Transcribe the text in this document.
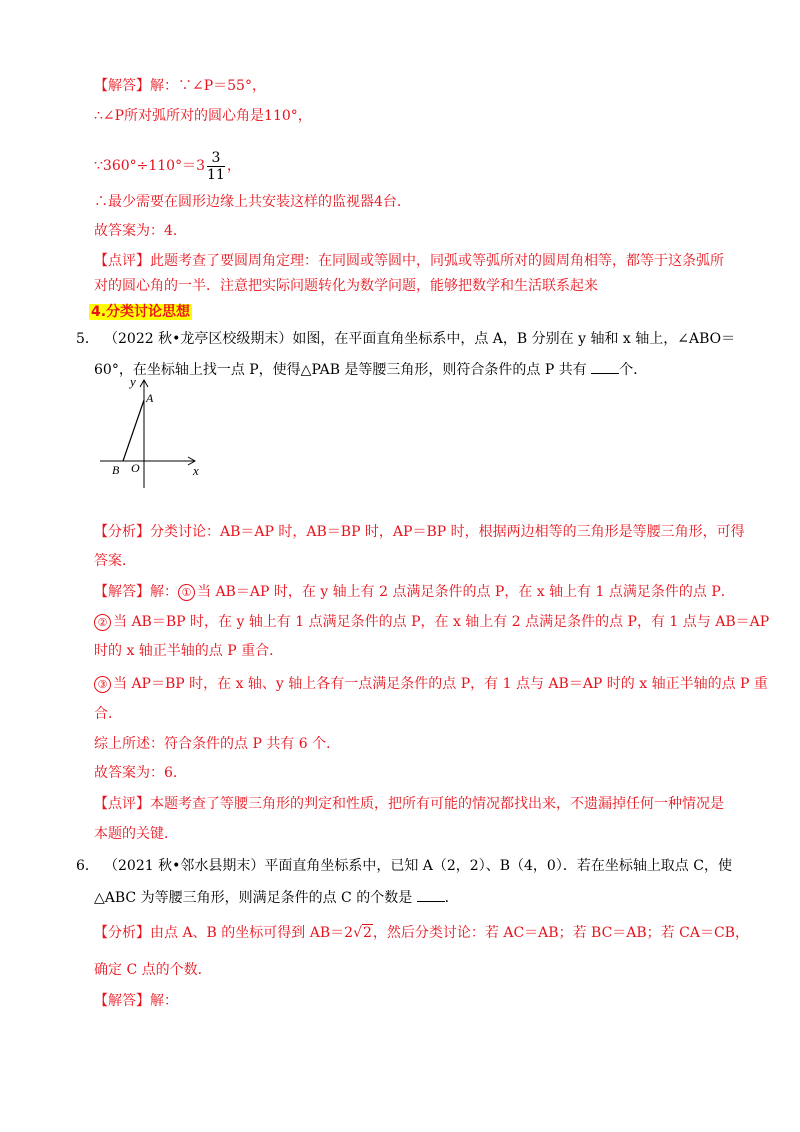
【解答】解：∵∠P＝55°，
∴∠P所对弧所对的圆心角是110°，
∵360°÷110°＝3 $\frac{3}{11}$ ，
∴最少需要在圆形边缘上共安装这样的监视器4台．
故答案为：4．
【点评】此题考查了要圆周角定理：在同圆或等圆中，同弧或等弧所对的圆周角相等，都等于这条弧所
对的圆心角的一半．注意把实际问题转化为数学问题，能够把数学和生活联系起来
4.分类讨论思想
5． （2022 秋•龙亭区校级期末）如图，在平面直角坐标系中，点 A，B 分别在 y 轴和 x 轴上，∠ABO＝
60°，在坐标轴上找一点 P，使得△PAB 是等腰三角形，则符合条件的点 P 共有 个．
y
A
B O	x
【分析】分类讨论：AB＝AP 时，AB＝BP 时，AP＝BP 时，根据两边相等的三角形是等腰三角形，可得
答案．
【解答】解： ① 当 AB＝AP 时，在 y 轴上有 2 点满足条件的点 P，在 x 轴上有 1 点满足条件的点 P．
② 当 AB＝BP 时，在 y 轴上有 1 点满足条件的点 P，在 x 轴上有 2 点满足条件的点 P，有 1 点与 AB＝AP
时的 x 轴正半轴的点 P 重合．
③ 当 AP＝BP 时，在 x 轴、y 轴上各有一点满足条件的点 P，有 1 点与 AB＝AP 时的 x 轴正半轴的点 P 重
合．
综上所述：符合条件的点 P 共有 6 个．
故答案为：6．
【点评】本题考查了等腰三角形的判定和性质，把所有可能的情况都找出来，不遗漏掉任何一种情况是
本题的关键．
6． （2021 秋•邻水县期末）平面直角坐标系中，已知 A（2，2）、B（4，0）．若在坐标轴上取点 C，使
△ABC 为等腰三角形，则满足条件的点 C 的个数是 ．
【分析】由点 A、B 的坐标可得到 AB＝2√2，然后分类讨论：若 AC＝AB；若 BC＝AB；若 CA＝CB，
确定 C 点的个数．
【解答】解：
